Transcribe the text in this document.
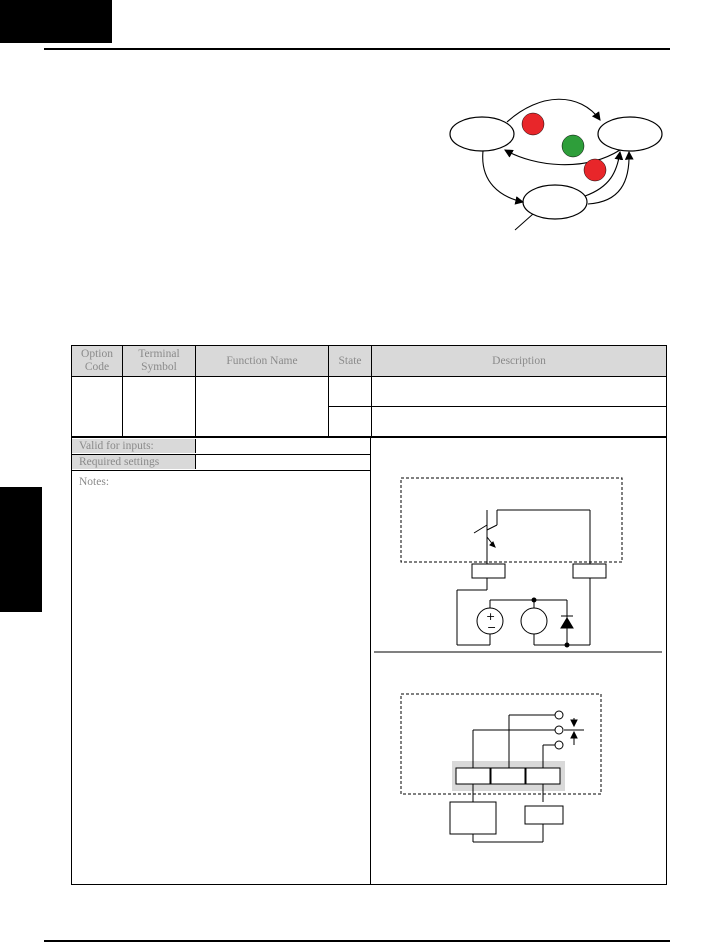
Option Code	Terminal Symbol	Function Name	State	Description

Valid for inputs:
Required settings
Notes:
+
−
